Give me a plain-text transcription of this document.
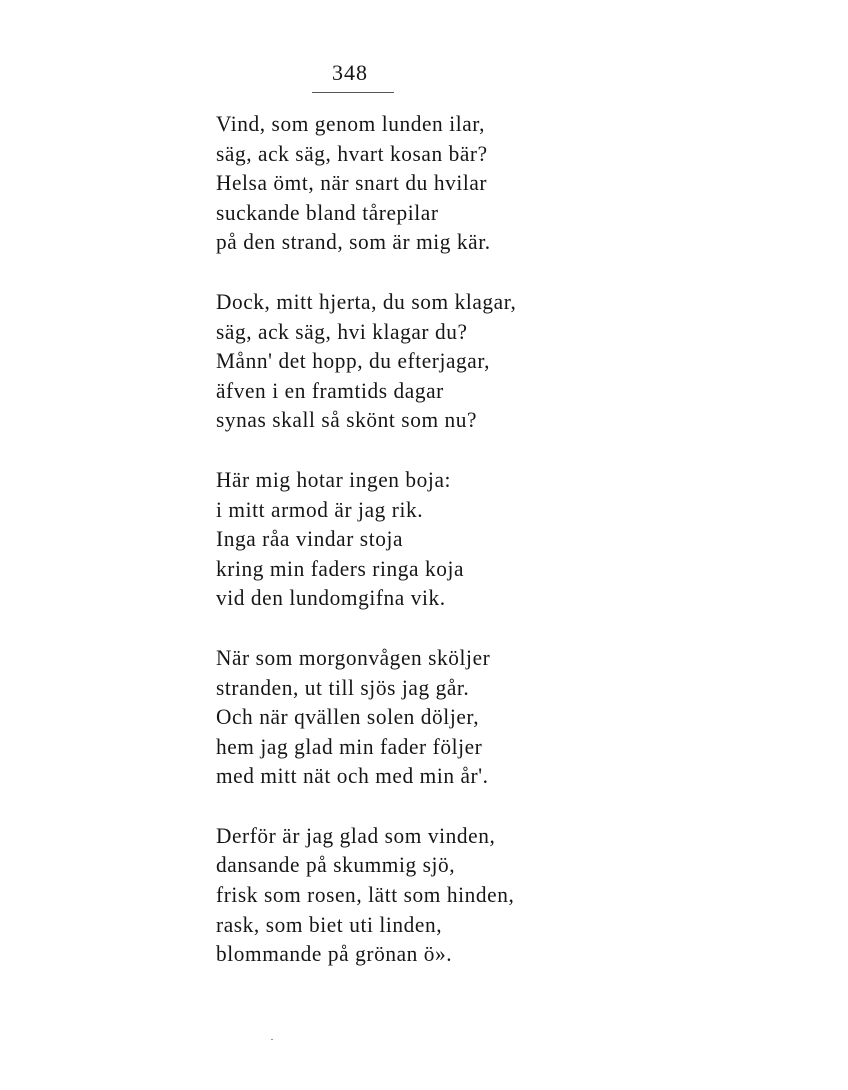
348
Vind, som genom lunden ilar,
säg, ack säg, hvart kosan bär?
Helsa ömt, när snart du hvilar
suckande bland tårepilar
på den strand, som är mig kär.
Dock, mitt hjerta, du som klagar,
säg, ack säg, hvi klagar du?
Månn' det hopp, du efterjagar,
äfven i en framtids dagar
synas skall så skönt som nu?
Här mig hotar ingen boja:
i mitt armod är jag rik.
Inga råa vindar stoja
kring min faders ringa koja
vid den lundomgifna vik.
När som morgonvågen sköljer
stranden, ut till sjös jag går.
Och när qvällen solen döljer,
hem jag glad min fader följer
med mitt nät och med min år'.
Derför är jag glad som vinden,
dansande på skummig sjö,
frisk som rosen, lätt som hinden,
rask, som biet uti linden,
blommande på grönan ö».
